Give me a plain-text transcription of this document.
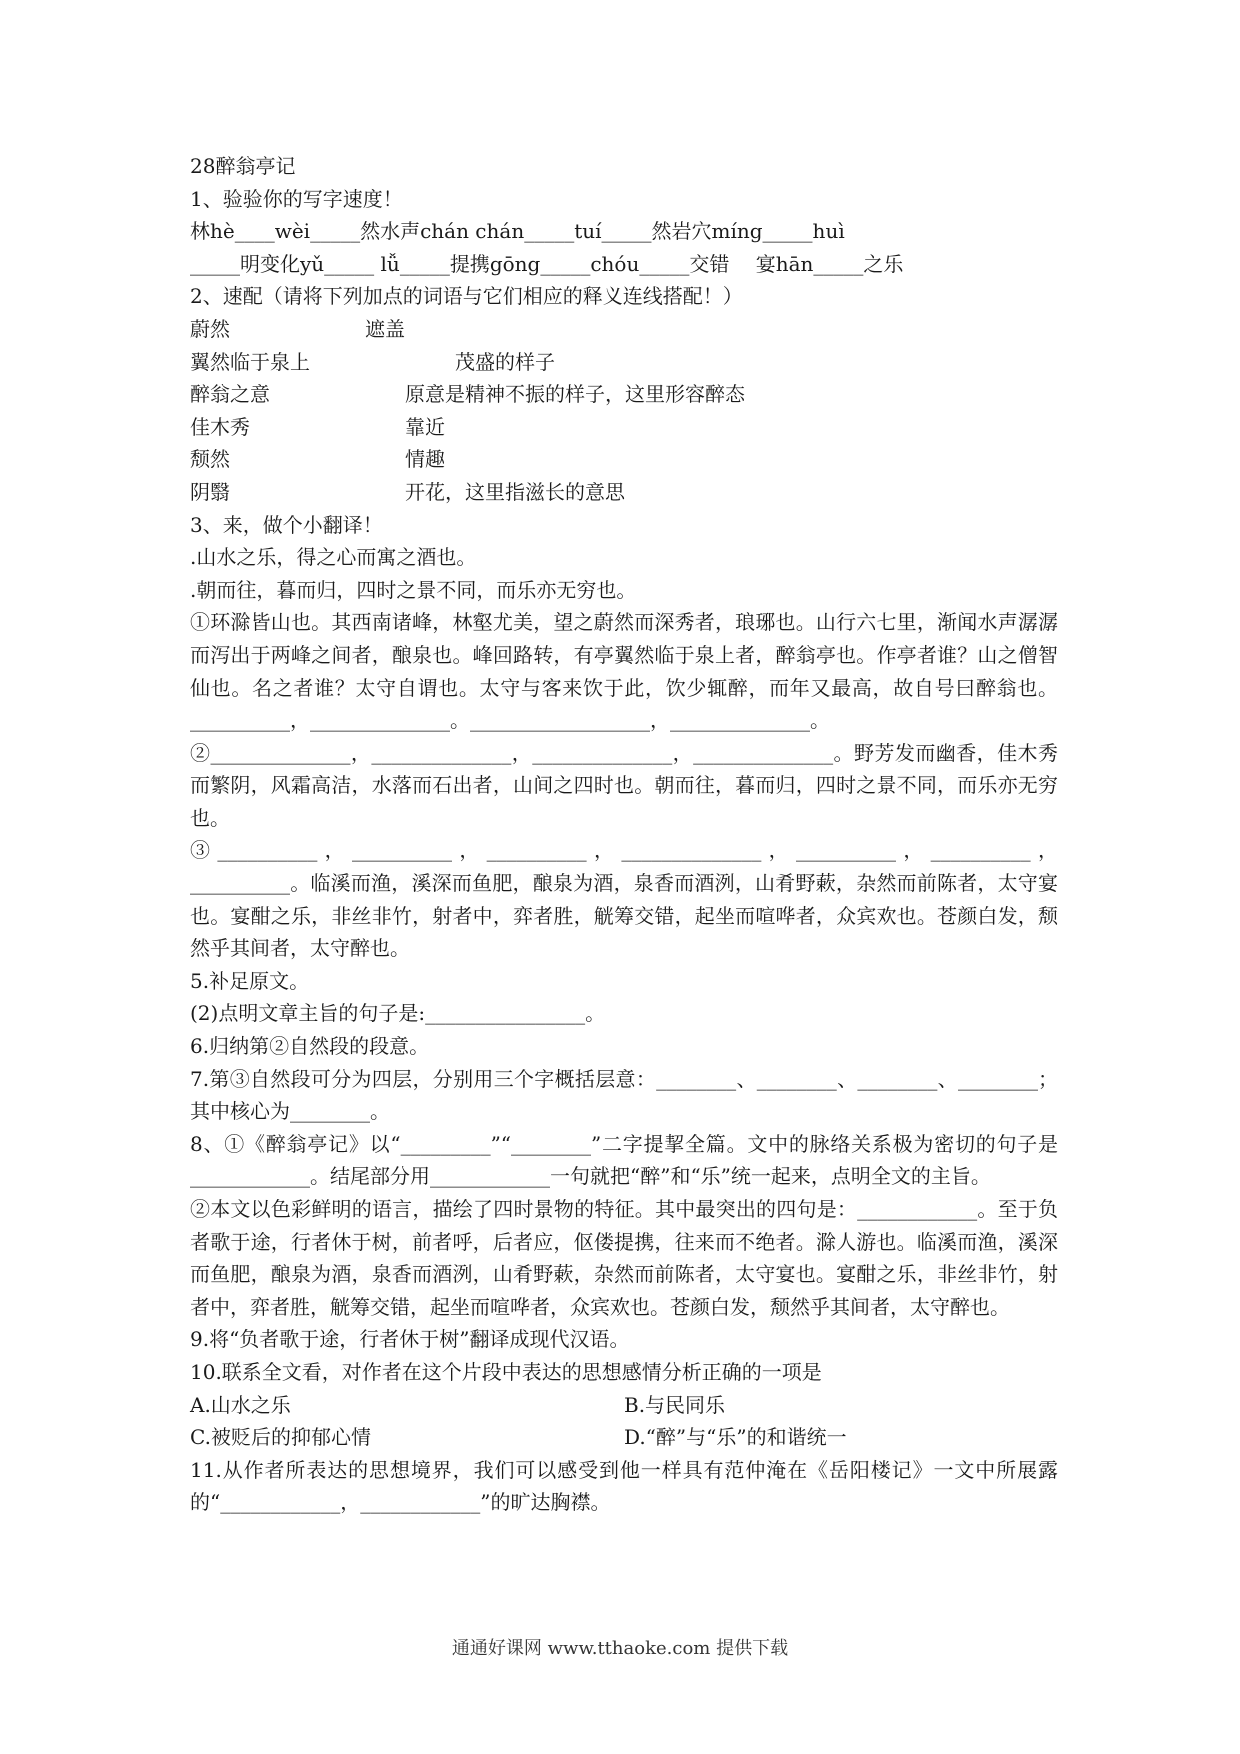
28醉翁亭记
1、验验你的写字速度！
林hè____wèi_____然水声chán chán_____tuí_____然岩穴míng_____huì
_____明变化yǔ_____ lǚ_____提携gōng_____chóu_____交错　 宴hān_____之乐
2、速配（请将下列加点的词语与它们相应的释义连线搭配！）
蔚然	遮盖
翼然临于泉上	茂盛的样子
醉翁之意	原意是精神不振的样子，这里形容醉态
佳木秀	靠近
颓然	情趣
阴翳	开花，这里指滋长的意思
3、来，做个小翻译！
.山水之乐，得之心而寓之酒也。
.朝而往，暮而归，四时之景不同，而乐亦无穷也。

①环滁皆山也。其西南诸峰，林壑尤美，望之蔚然而深秀者，琅琊也。山行六七里，渐闻水声潺潺而泻出于两峰之间者，酿泉也。峰回路转，有亭翼然临于泉上者，醉翁亭也。作亭者谁？山之僧智仙也。名之者谁？太守自谓也。太守与客来饮于此，饮少辄醉，而年又最高，故自号曰醉翁也。__________，______________。__________________，______________。

②______________，______________，______________，______________。野芳发而幽香，佳木秀而繁阴，风霜高洁，水落而石出者，山间之四时也。朝而往，暮而归，四时之景不同，而乐亦无穷也。

③__________，__________，__________，______________，__________，__________，__________。临溪而渔，溪深而鱼肥，酿泉为酒，泉香而酒洌，山肴野蔌，杂然而前陈者，太守宴也。宴酣之乐，非丝非竹，射者中，弈者胜，觥筹交错，起坐而喧哗者，众宾欢也。苍颜白发，颓然乎其间者，太守醉也。

5.补足原文。
(2)点明文章主旨的句子是:________________。
6.归纳第②自然段的段意。

7.第③自然段可分为四层，分别用三个字概括层意：________、________、________、________；其中核心为________。

8、①《醉翁亭记》以“_________”“________”二字提挈全篇。文中的脉络关系极为密切的句子是____________。结尾部分用____________一句就把“醉”和“乐”统一起来，点明全文的主旨。

②本文以色彩鲜明的语言，描绘了四时景物的特征。其中最突出的四句是：____________。至于负者歌于途，行者休于树，前者呼，后者应，伛偻提携，往来而不绝者。滁人游也。临溪而渔，溪深而鱼肥，酿泉为酒，泉香而酒洌，山肴野蔌，杂然而前陈者，太守宴也。宴酣之乐，非丝非竹，射者中，弈者胜，觥筹交错，起坐而喧哗者，众宾欢也。苍颜白发，颓然乎其间者，太守醉也。

9.将“负者歌于途，行者休于树”翻译成现代汉语。
10.联系全文看，对作者在这个片段中表达的思想感情分析正确的一项是
A.山水之乐	B.与民同乐
C.被贬后的抑郁心情	D.“醉”与“乐”的和谐统一

11.从作者所表达的思想境界，我们可以感受到他一样具有范仲淹在《岳阳楼记》一文中所展露的“____________，____________”的旷达胸襟。

通通好课网 www.tthaoke.com 提供下载
